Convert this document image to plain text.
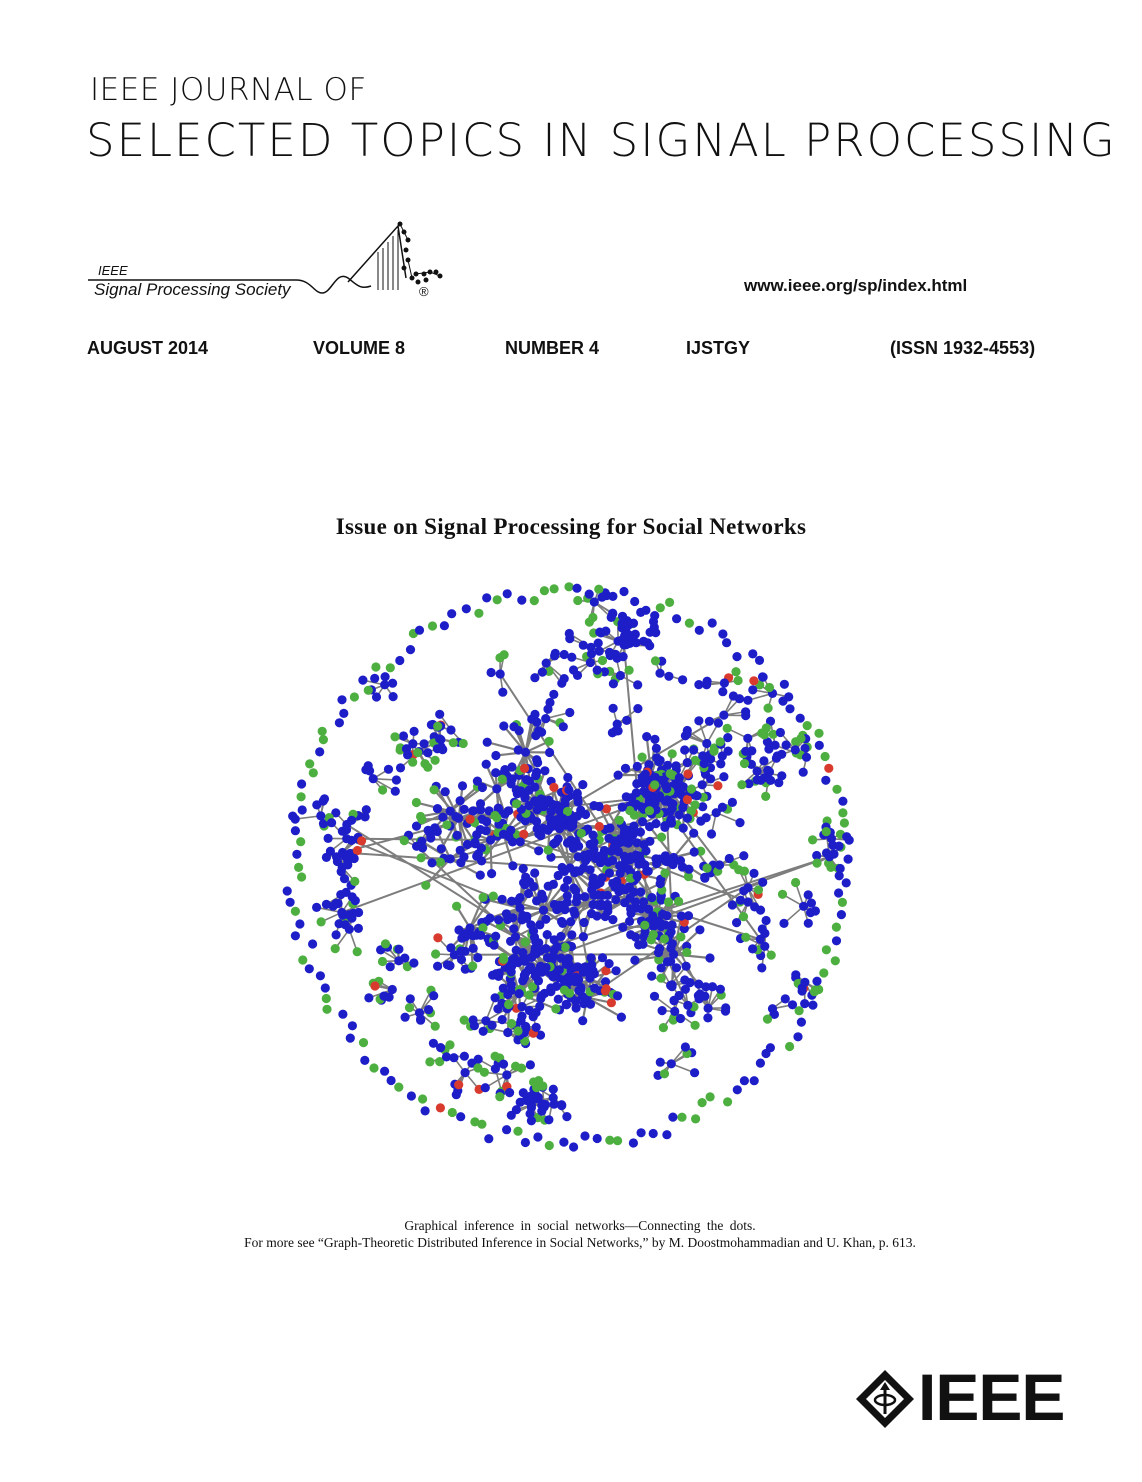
IEEE JOURNAL OF
SELECTED TOPICS IN SIGNAL PROCESSING
IEEE
Signal Processing Society	®	www.ieee.org/sp/index.html
AUGUST 2014	VOLUME 8	NUMBER 4	IJSTGY	(ISSN 1932-4553)
Issue on Signal Processing for Social Networks
Graphical inference in social networks—Connecting the dots.
For more see “Graph-Theoretic Distributed Inference in Social Networks,” by M. Doostmohammadian and U. Khan, p. 613.
IEEE
